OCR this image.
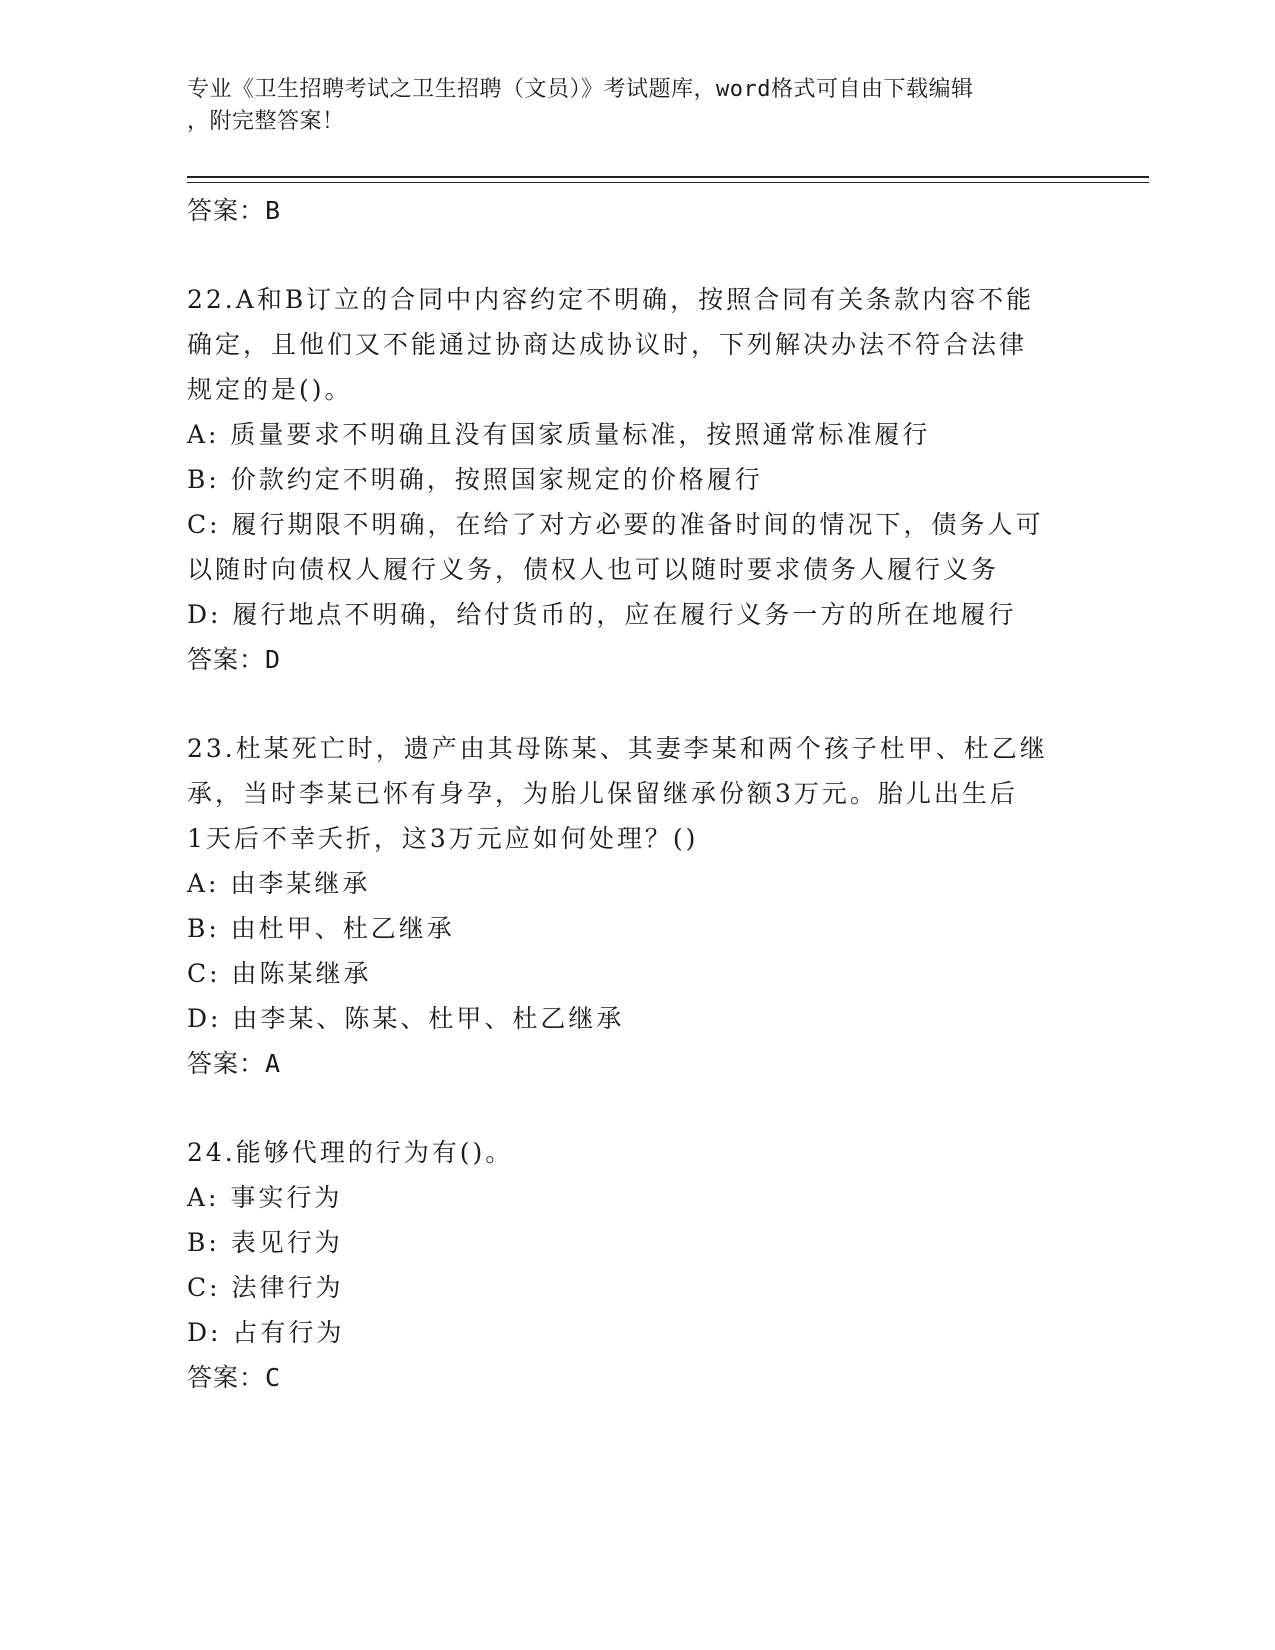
专业《卫生招聘考试之卫生招聘（文员）》考试题库，word格式可自由下载编辑
，附完整答案！
答案：B
22.A和B订立的合同中内容约定不明确，按照合同有关条款内容不能
确定，且他们又不能通过协商达成协议时，下列解决办法不符合法律
规定的是()。
A: 质量要求不明确且没有国家质量标准，按照通常标准履行
B: 价款约定不明确，按照国家规定的价格履行
C: 履行期限不明确，在给了对方必要的准备时间的情况下，债务人可
以随时向债权人履行义务，债权人也可以随时要求债务人履行义务
D: 履行地点不明确，给付货币的，应在履行义务一方的所在地履行
答案：D
23.杜某死亡时，遗产由其母陈某、其妻李某和两个孩子杜甲、杜乙继
承，当时李某已怀有身孕，为胎儿保留继承份额3万元。胎儿出生后
1天后不幸夭折，这3万元应如何处理？()
A: 由李某继承
B: 由杜甲、杜乙继承
C: 由陈某继承
D: 由李某、陈某、杜甲、杜乙继承
答案：A
24.能够代理的行为有()。
A: 事实行为
B: 表见行为
C: 法律行为
D: 占有行为
答案：C
